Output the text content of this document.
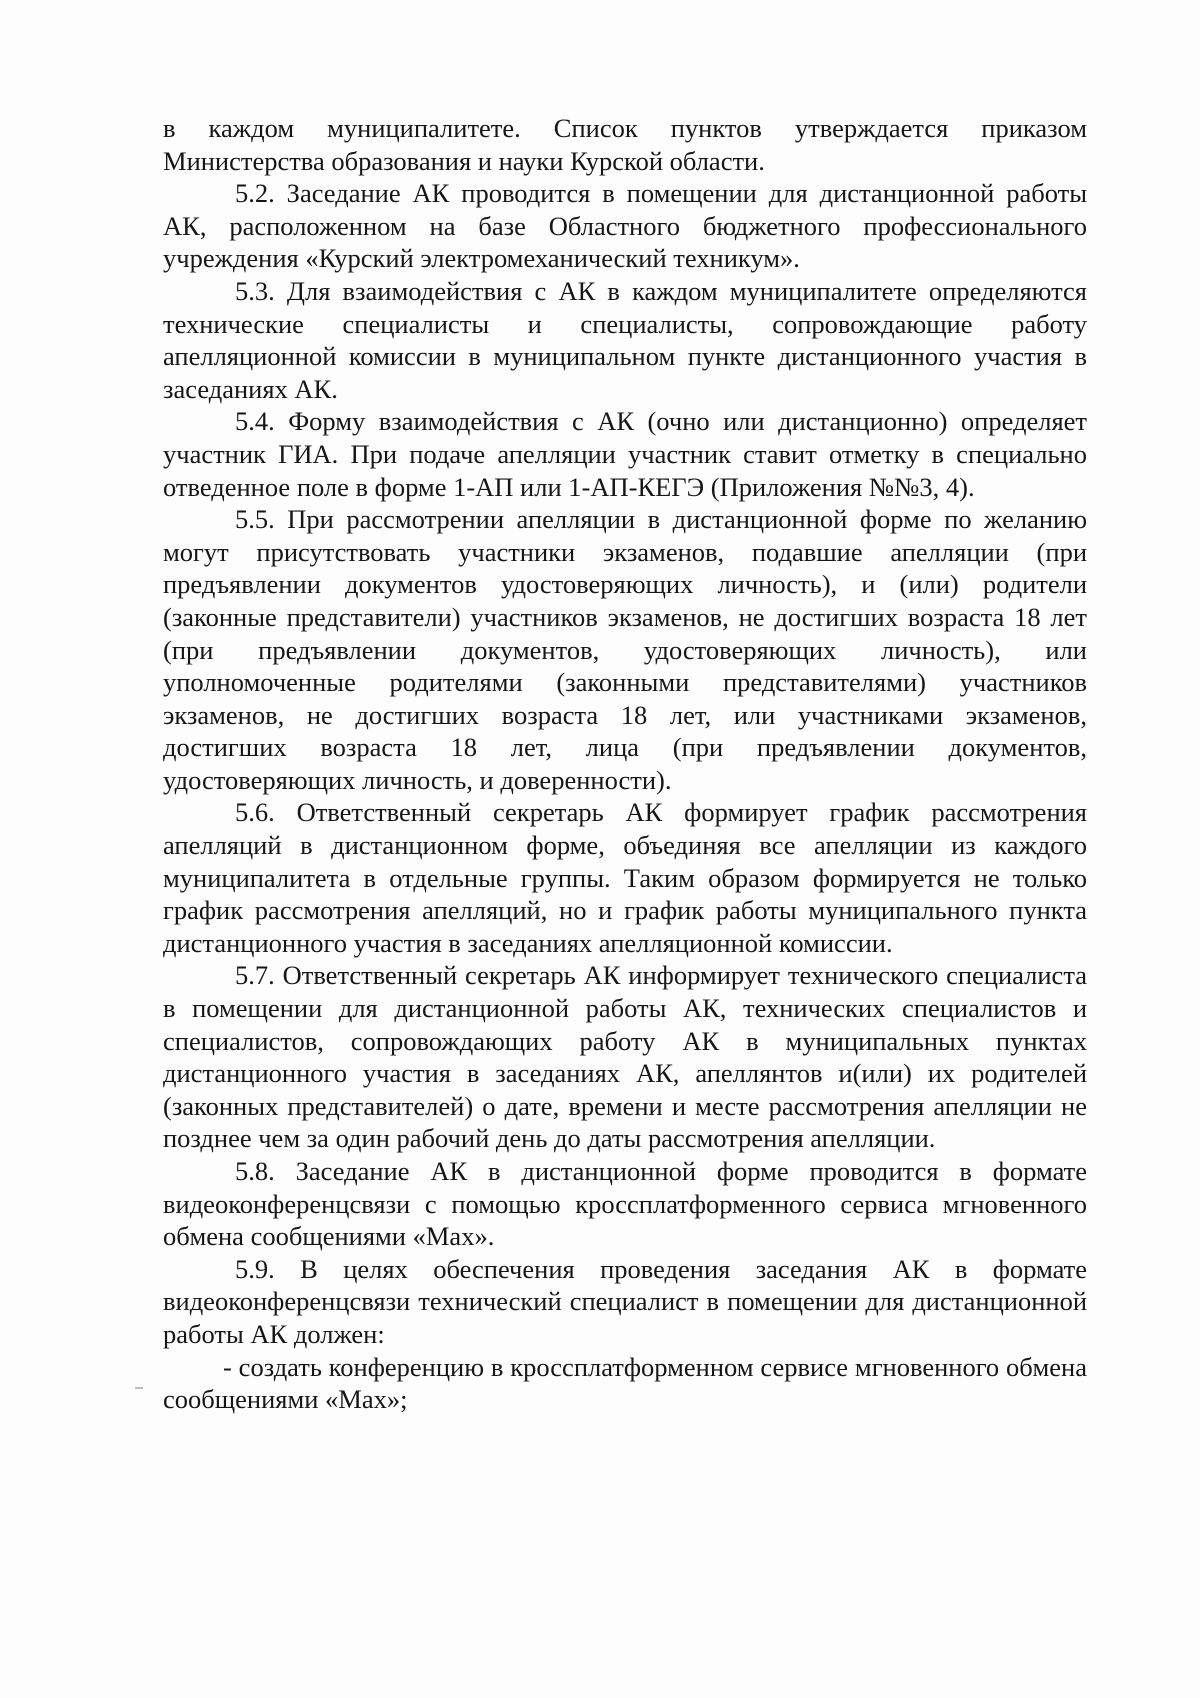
в каждом муниципалитете. Список пунктов утверждается приказом Министерства образования и науки Курской области.

5.2. Заседание АК проводится в помещении для дистанционной работы АК, расположенном на базе Областного бюджетного профессионального учреждения «Курский электромеханический техникум».

5.3. Для взаимодействия с АК в каждом муниципалитете определяются технические специалисты и специалисты, сопровождающие работу апелляционной комиссии в муниципальном пункте дистанционного участия в заседаниях АК.

5.4. Форму взаимодействия с АК (очно или дистанционно) определяет участник ГИА. При подаче апелляции участник ставит отметку в специально отведенное поле в форме 1-АП или 1-АП-КЕГЭ (Приложения №№3, 4).

5.5. При рассмотрении апелляции в дистанционной форме по желанию могут присутствовать участники экзаменов, подавшие апелляции (при предъявлении документов удостоверяющих личность), и (или) родители (законные представители) участников экзаменов, не достигших возраста 18 лет (при предъявлении документов, удостоверяющих личность), или уполномоченные родителями (законными представителями) участников экзаменов, не достигших возраста 18 лет, или участниками экзаменов, достигших возраста 18 лет, лица (при предъявлении документов, удостоверяющих личность, и доверенности).

5.6. Ответственный секретарь АК формирует график рассмотрения апелляций в дистанционном форме, объединяя все апелляции из каждого муниципалитета в отдельные группы. Таким образом формируется не только график рассмотрения апелляций, но и график работы муниципального пункта дистанционного участия в заседаниях апелляционной комиссии.

5.7. Ответственный секретарь АК информирует технического специалиста в помещении для дистанционной работы АК, технических специалистов и специалистов, сопровождающих работу АК в муниципальных пунктах дистанционного участия в заседаниях АК, апеллянтов и(или) их родителей (законных представителей) о дате, времени и месте рассмотрения апелляции не позднее чем за один рабочий день до даты рассмотрения апелляции.

5.8. Заседание АК в дистанционной форме проводится в формате видеоконференцсвязи с помощью кроссплатформенного сервиса мгновенного обмена сообщениями «Мах».

5.9. В целях обеспечения проведения заседания АК в формате видеоконференцсвязи технический специалист в помещении для дистанционной работы АК должен:

- создать конференцию в кроссплатформенном сервисе мгновенного обмена сообщениями «Мах»;
